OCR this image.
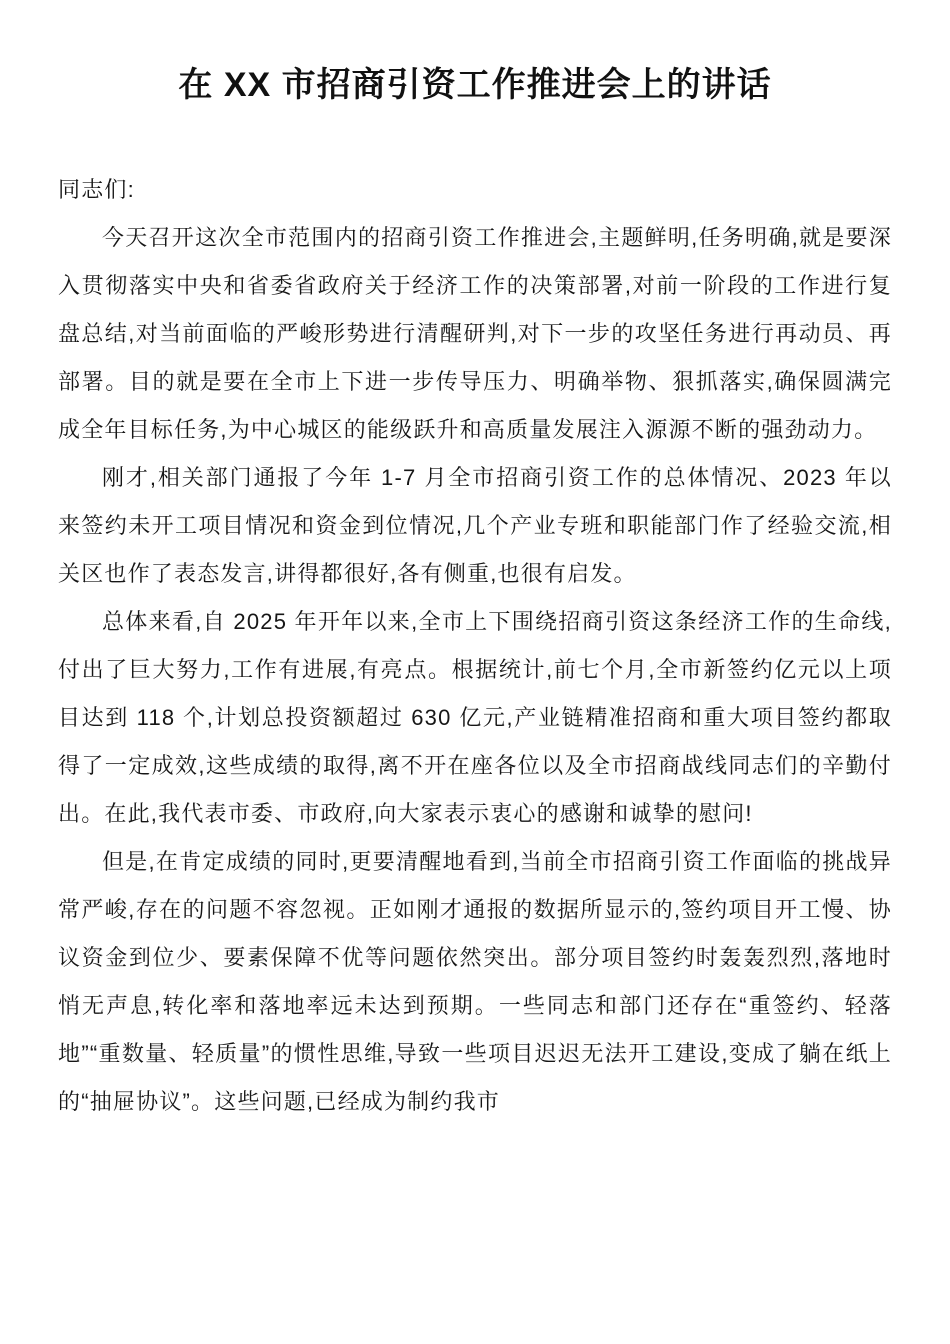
在 XX 市招商引资工作推进会上的讲话

同志们:

今天召开这次全市范围内的招商引资工作推进会,主题鲜明,任务明确,就是要深入贯彻落实中央和省委省政府关于经济工作的决策部署,对前一阶段的工作进行复盘总结,对当前面临的严峻形势进行清醒研判,对下一步的攻坚任务进行再动员、再部署。目的就是要在全市上下进一步传导压力、明确举物、狠抓落实,确保圆满完成全年目标任务,为中心城区的能级跃升和高质量发展注入源源不断的强劲动力。

刚才,相关部门通报了今年 1-7 月全市招商引资工作的总体情况、2023 年以来签约未开工项目情况和资金到位情况,几个产业专班和职能部门作了经验交流,相关区也作了表态发言,讲得都很好,各有侧重,也很有启发。

总体来看,自 2025 年开年以来,全市上下围绕招商引资这条经济工作的生命线,付出了巨大努力,工作有进展,有亮点。根据统计,前七个月,全市新签约亿元以上项目达到 118 个,计划总投资额超过 630 亿元,产业链精准招商和重大项目签约都取得了一定成效,这些成绩的取得,离不开在座各位以及全市招商战线同志们的辛勤付出。在此,我代表市委、市政府,向大家表示衷心的感谢和诚挚的慰问!

但是,在肯定成绩的同时,更要清醒地看到,当前全市招商引资工作面临的挑战异常严峻,存在的问题不容忽视。正如刚才通报的数据所显示的,签约项目开工慢、协议资金到位少、要素保障不优等问题依然突出。部分项目签约时轰轰烈烈,落地时悄无声息,转化率和落地率远未达到预期。一些同志和部门还存在“重签约、轻落地”“重数量、轻质量”的惯性思维,导致一些项目迟迟无法开工建设,变成了躺在纸上的“抽屉协议”。这些问题,已经成为制约我市
